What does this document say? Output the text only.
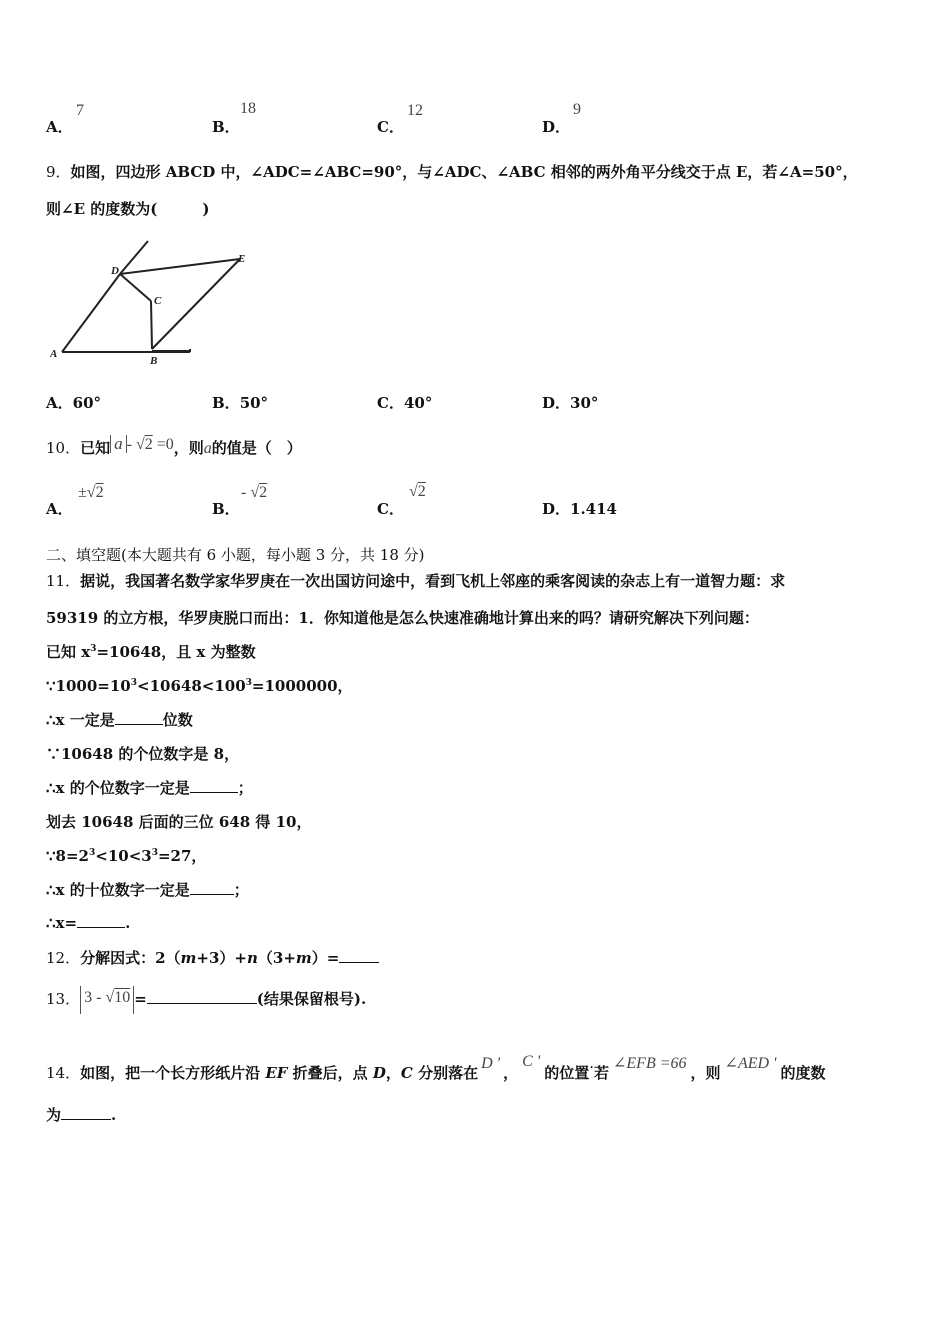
A．
7
B．
18
C．
12
D．
9
9．如图，四边形 ABCD 中，∠ADC=∠ABC=90°，与∠ADC、∠ABC 相邻的两外角平分线交于点 E，若∠A=50°，
则∠E 的度数为(　　　)
A
B
C
D
E
A．60°	B．50°	C．40°	D．30°
10．已知 a - √2 =0，则a的值是（　）
A．
±√2
B．
- √2
C．
√2
D．1.414
二、填空题(本大题共有 6 小题，每小题 3 分，共 18 分)
11．据说，我国著名数学家华罗庚在一次出国访问途中，看到飞机上邻座的乘客阅读的杂志上有一道智力题：求
59319 的立方根，华罗庚脱口而出：1．你知道他是怎么快速准确地计算出来的吗？请研究解决下列问题：
已知 $x^3=10648$，且 x 为整数
$\because 1000=10^3<10648<100^3=1000000$，
∴x 一定是	位数
∵10648 的个位数字是 8，
∴x 的个位数字一定是	；
划去 10648 后面的三位 648 得 10，
$\because 8=2^3<10<3^3=27$，
∴x 的十位数字一定是	；
∴x=	.
12．分解因式：2（m+3）+n（3+m）=
13． 3 - √10 =	(结果保留根号).
14．如图，把一个长方形纸片沿 EF 折叠后，点 D，C 分别落在D '，C '的位置·若∠EFB =66，则∠AED '的度数
为	.
